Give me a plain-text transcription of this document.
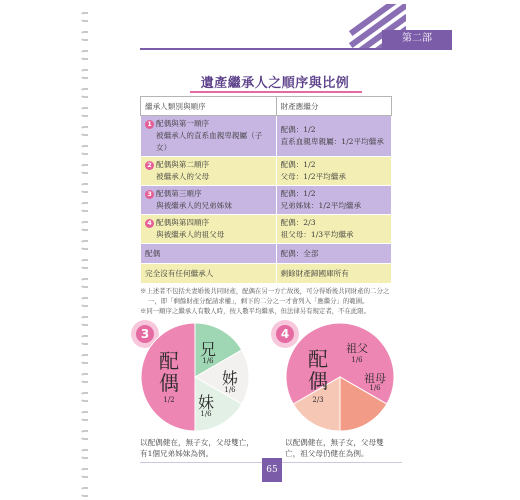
第二部
遺產繼承人之順序與比例
繼承人類別與順序	財產應繼分
1 配偶與第一順序
被繼承人的直系血親卑親屬（子女）	配偶：1/2
直系血親卑親屬：1/2平均繼承
2 配偶與第二順序
被繼承人的父母	配偶：1/2
父母：1/2平均繼承
3 配偶第三順序
與被繼承人的兄弟姊妹	配偶：1/2
兄弟姊妹：1/2平均繼承
4 配偶與第四順序
與被繼承人的祖父母	配偶：2/3
祖父母：1/3平均繼承
配偶	配偶：全部
完全沒有任何繼承人	剩餘財產歸國庫所有

※上述者不包括夫妻婚後共同財產，配偶在另一方亡故後，可分得婚後共同財產的二分之

一，即「剩餘財產分配請求權」，剩下的二分之一才會列入「應繼分」的範圍。

※同一順序之繼承人有數人時，按人數平均繼承，但法律另有規定者，不在此限。

3
配偶
1/2
兄
1/6
姊
1/6
妹
1/6
以配偶健在，無子女，父母雙亡，
有1個兄弟姊妹為例。
4
配偶
2/3
祖父
1/6
祖母
1/6
以配偶健在，無子女，父母雙
亡，祖父母仍健在為例。
65
